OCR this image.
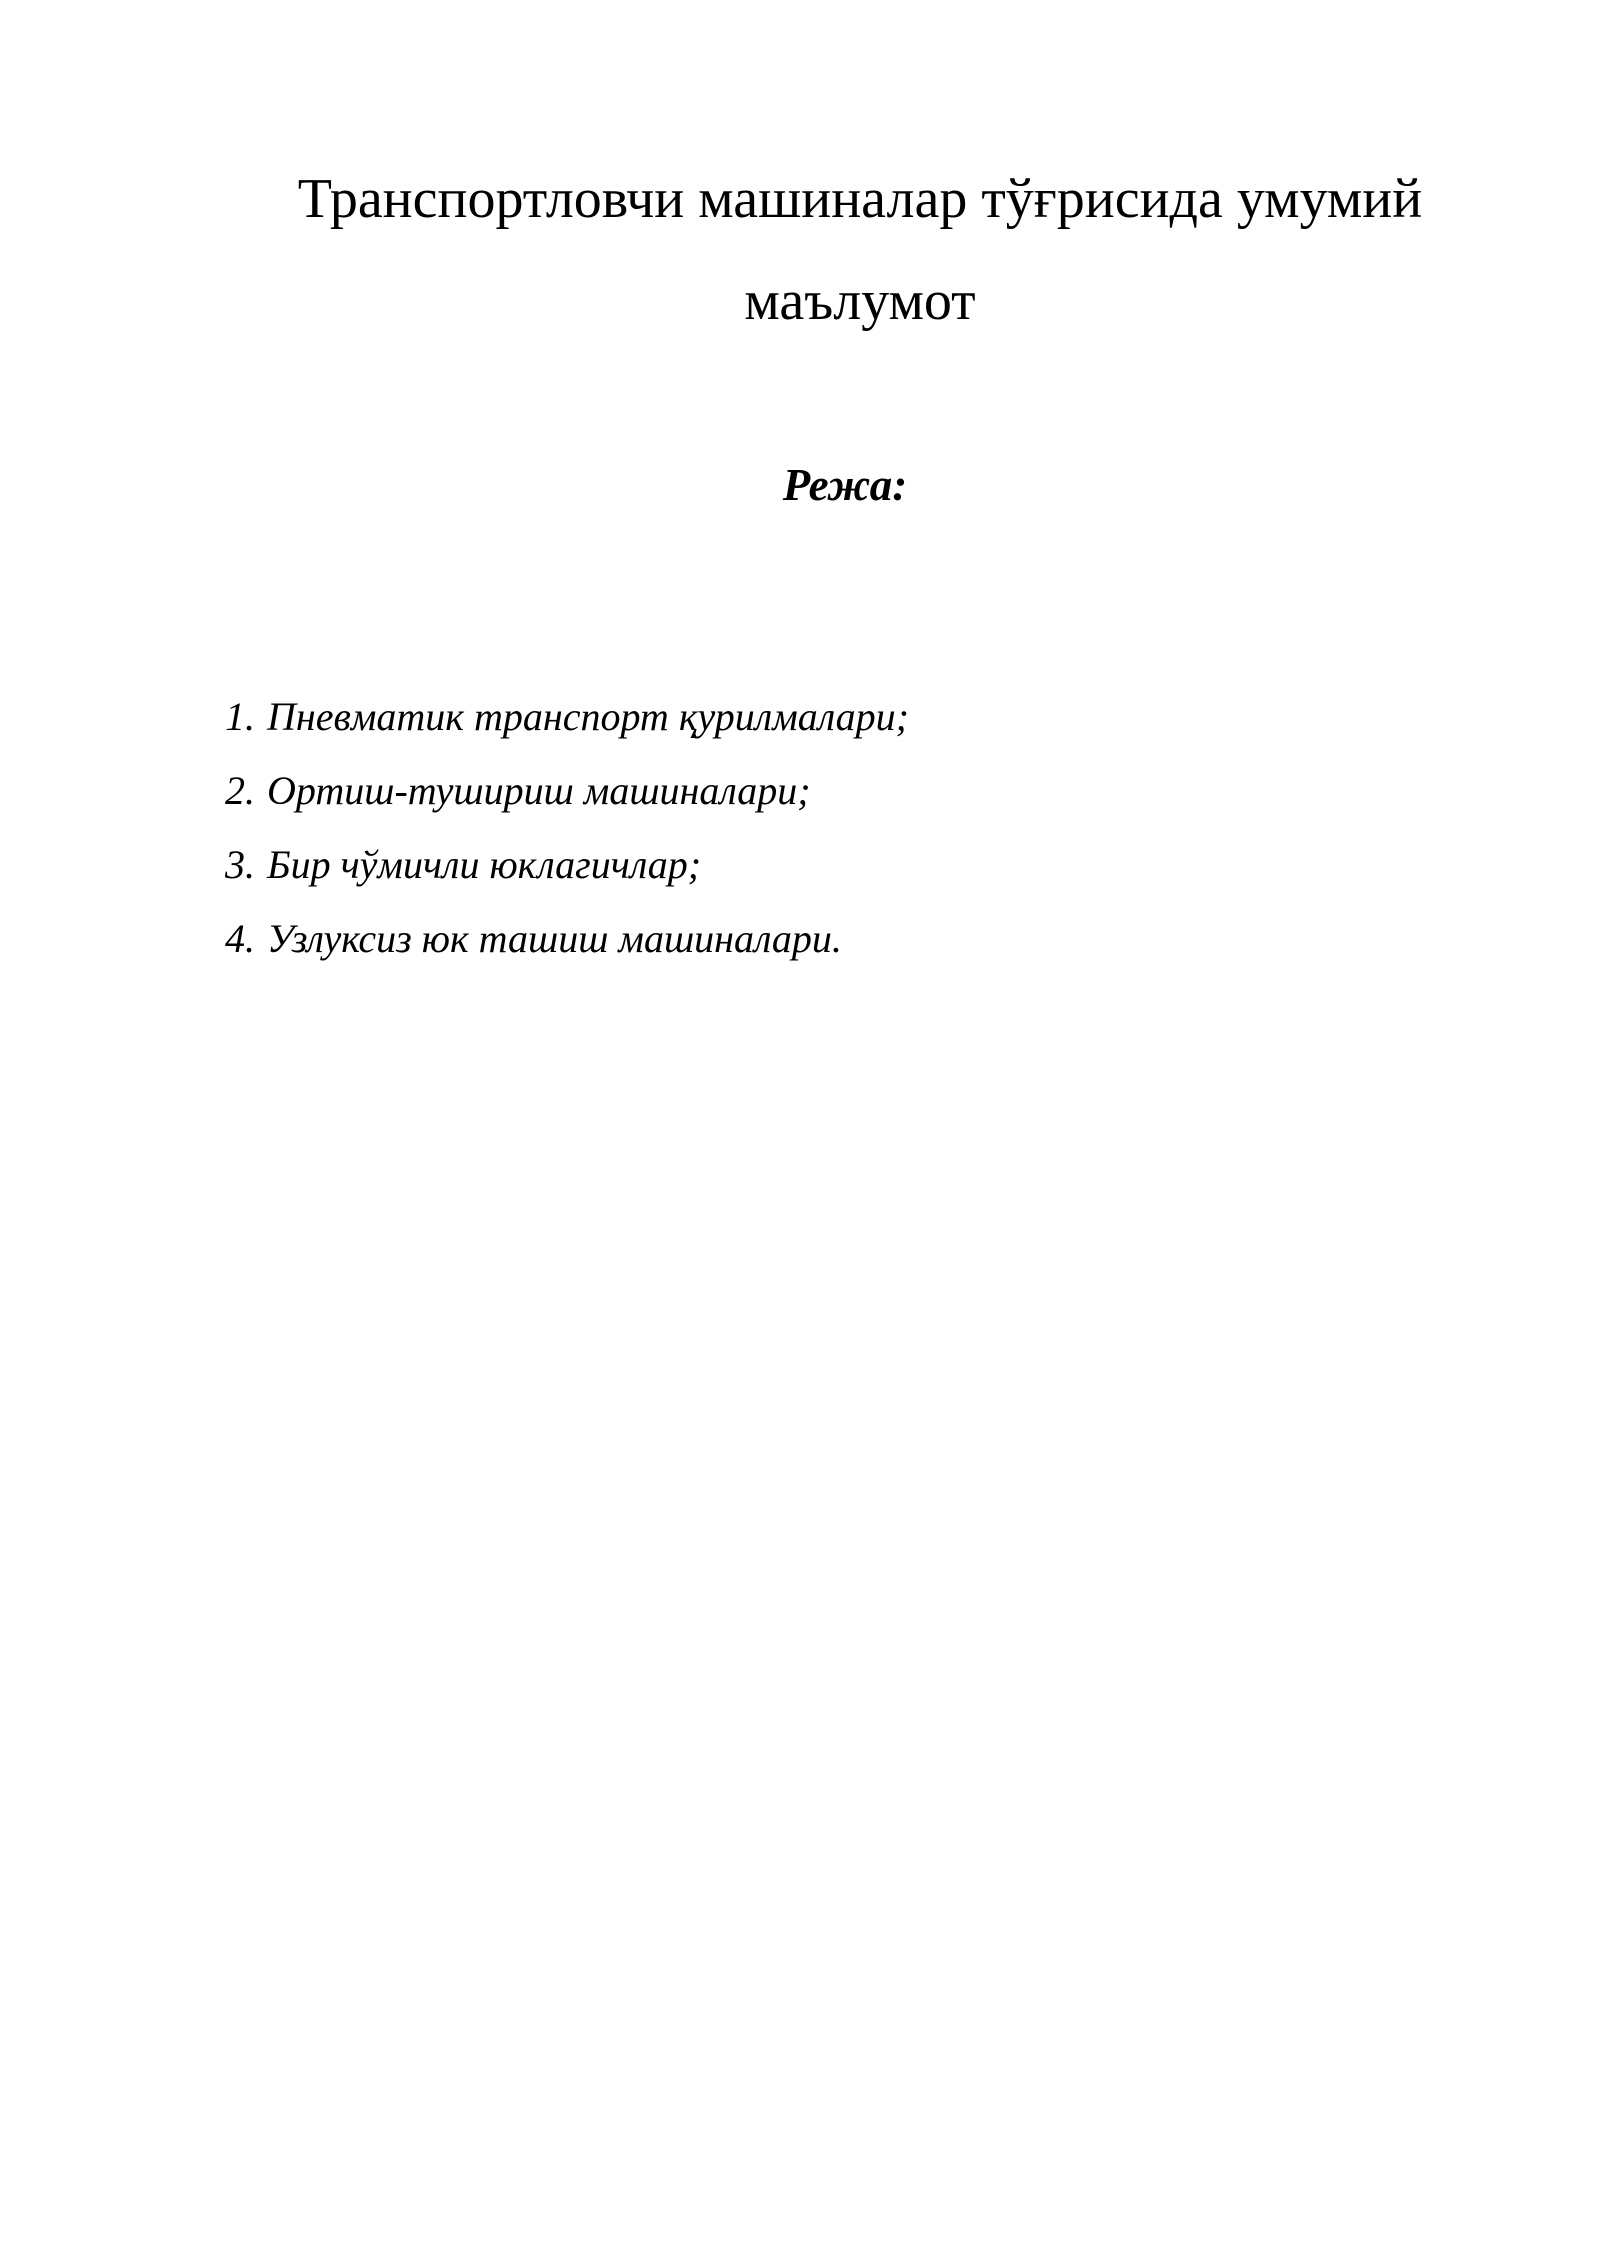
Транспортловчи машиналар тўғрисида умумий маълумот
Режа:
1. Пневматик транспорт қурилмалари;
2. Ортиш-тушириш машиналари;
3. Бир чўмичли юклагичлар;
4. Узлуксиз юк ташиш машиналари.
